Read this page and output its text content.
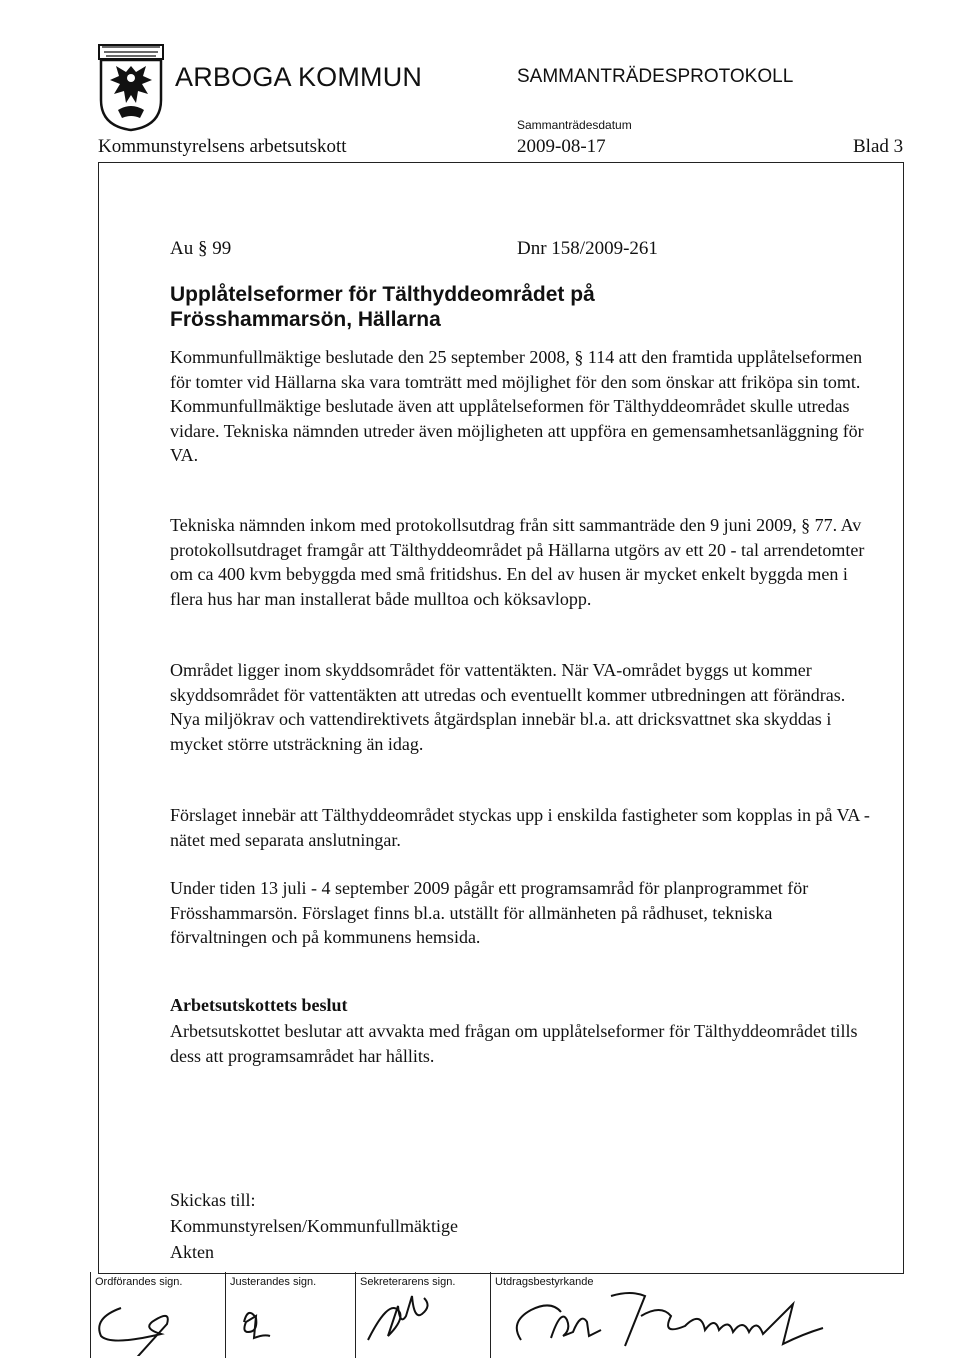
ARBOGA KOMMUN	SAMMANTRÄDESPROTOKOLL
Sammanträdesdatum
Kommunstyrelsens arbetsutskott	2009-08-17	Blad 3
Au § 99	Dnr 158/2009-261
Upplåtelseformer för Tälthyddeområdet på
Frösshammarsön, Hällarna

Kommunfullmäktige beslutade den 25 september 2008, § 114 att den framtida upplåtelseformen för tomter vid Hällarna ska vara tomträtt med möjlighet för den som önskar att friköpa sin tomt. Kommunfullmäktige beslutade även att upplåtelseformen för Tälthyddeområdet skulle utredas vidare. Tekniska nämnden utreder även möjligheten att uppföra en gemensamhetsanläggning för VA.

Tekniska nämnden inkom med protokollsutdrag från sitt sammanträde den 9 juni 2009, § 77. Av protokollsutdraget framgår att Tälthyddeområdet på Hällarna utgörs av ett 20 - tal arrendetomter om ca 400 kvm bebyggda med små fritidshus. En del av husen är mycket enkelt byggda men i flera hus har man installerat både mulltoa och köksavlopp.

Området ligger inom skyddsområdet för vattentäkten. När VA-området byggs ut kommer skyddsområdet för vattentäkten att utredas och eventuellt kommer utbredningen att förändras. Nya miljökrav och vattendirektivets åtgärdsplan innebär bl.a. att dricksvattnet ska skyddas i mycket större utsträckning än idag.

Förslaget innebär att Tälthyddeområdet styckas upp i enskilda fastigheter som kopplas in på VA - nätet med separata anslutningar.

Under tiden 13 juli - 4 september 2009 pågår ett programsamråd för planprogrammet för Frösshammarsön. Förslaget finns bl.a. utställt för allmänheten på rådhuset, tekniska förvaltningen och på kommunens hemsida.

Arbetsutskottets beslut

Arbetsutskottet beslutar att avvakta med frågan om upplåtelseformer för Tälthyddeområdet tills dess att programsamrådet har hållits.

Skickas till:
Kommunstyrelsen/Kommunfullmäktige
Akten
Ordförandes sign.	Justerandes sign.	Sekreterarens sign.	Utdragsbestyrkande
